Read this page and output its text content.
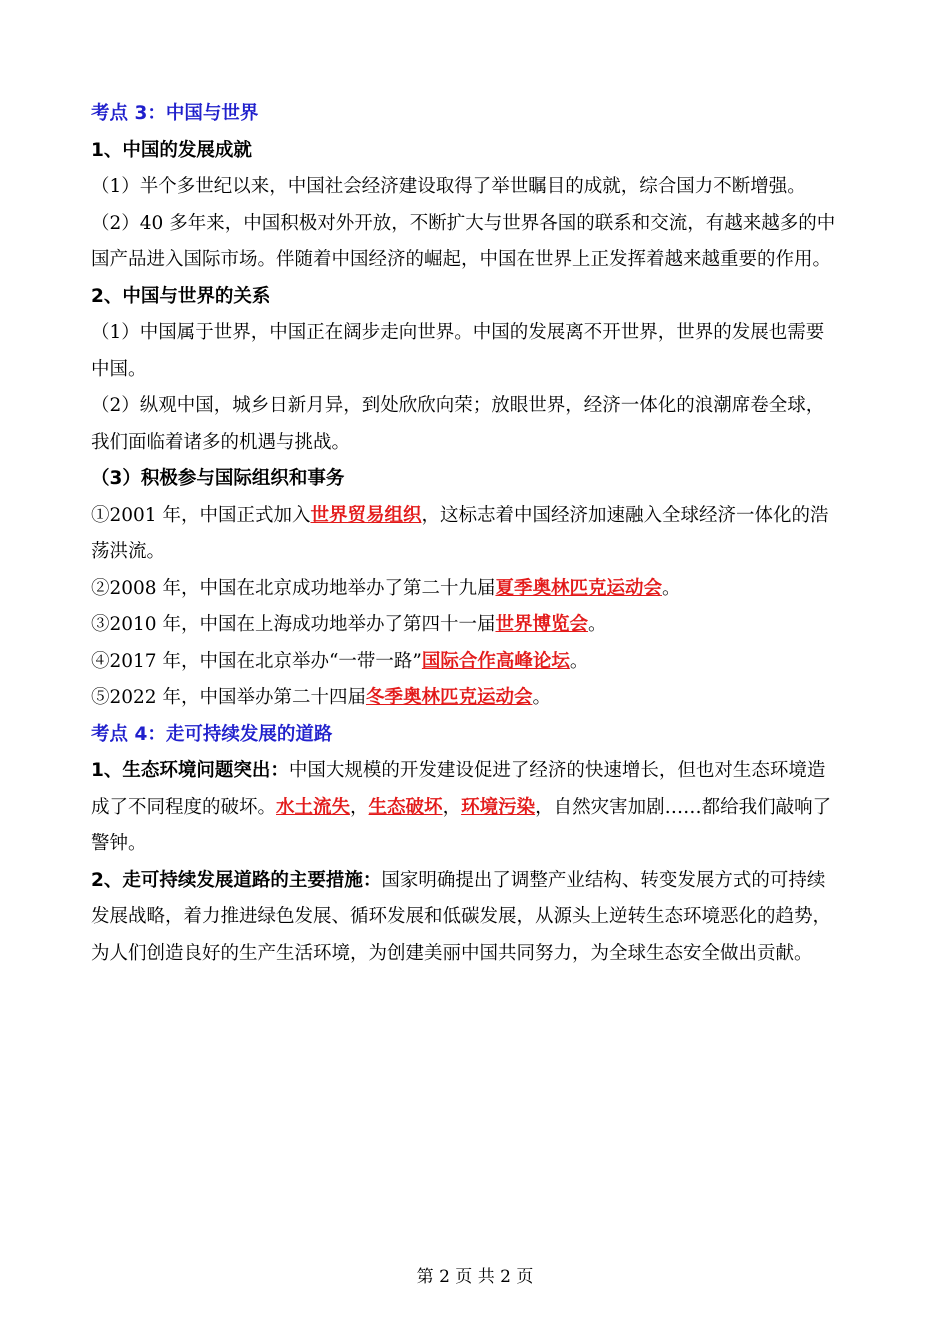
考点 3：中国与世界
1、中国的发展成就
（1）半个多世纪以来，中国社会经济建设取得了举世瞩目的成就，综合国力不断增强。
（2）40 多年来，中国积极对外开放，不断扩大与世界各国的联系和交流，有越来越多的中
国产品进入国际市场。伴随着中国经济的崛起，中国在世界上正发挥着越来越重要的作用。
2、中国与世界的关系
（1）中国属于世界，中国正在阔步走向世界。中国的发展离不开世界，世界的发展也需要
中国。
（2）纵观中国，城乡日新月异，到处欣欣向荣；放眼世界，经济一体化的浪潮席卷全球，
我们面临着诸多的机遇与挑战。
（3）积极参与国际组织和事务
①2001 年，中国正式加入世界贸易组织，这标志着中国经济加速融入全球经济一体化的浩
荡洪流。
②2008 年，中国在北京成功地举办了第二十九届夏季奥林匹克运动会。
③2010 年，中国在上海成功地举办了第四十一届世界博览会。
④2017 年，中国在北京举办“一带一路”国际合作高峰论坛。
⑤2022 年，中国举办第二十四届冬季奥林匹克运动会。
考点 4：走可持续发展的道路
1、生态环境问题突出：中国大规模的开发建设促进了经济的快速增长，但也对生态环境造
成了不同程度的破坏。水土流失，生态破坏，环境污染，自然灾害加剧……都给我们敲响了
警钟。
2、走可持续发展道路的主要措施：国家明确提出了调整产业结构、转变发展方式的可持续
发展战略，着力推进绿色发展、循环发展和低碳发展，从源头上逆转生态环境恶化的趋势，
为人们创造良好的生产生活环境，为创建美丽中国共同努力，为全球生态安全做出贡献。
第 2 页 共 2 页
